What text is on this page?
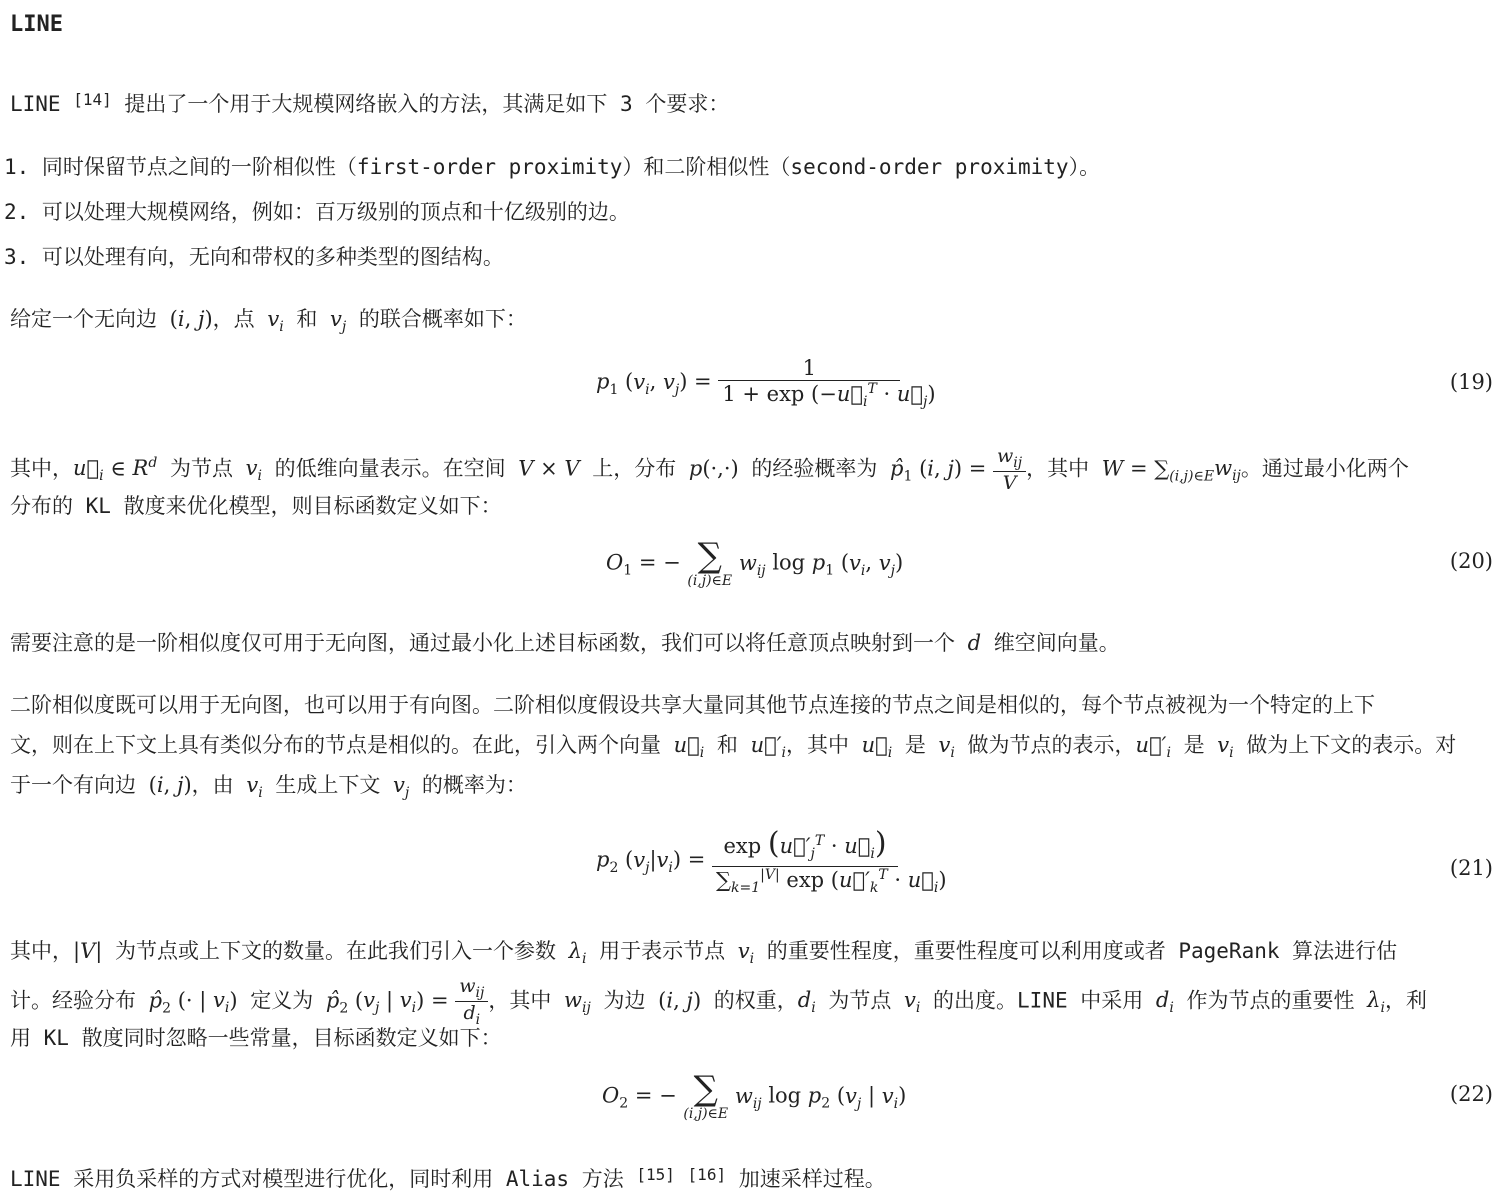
LINE
LINE [14] 提出了一个用于大规模网络嵌入的方法，其满足如下 3 个要求：
1. 同时保留节点之间的一阶相似性（first-order proximity）和二阶相似性（second-order proximity）。
2. 可以处理大规模网络，例如：百万级别的顶点和十亿级别的边。
3. 可以处理有向，无向和带权的多种类型的图结构。
给定一个无向边 (i, j)，点 $v_i$ 和 $v_j$ 的联合概率如下：
$p_1$ ($v_i$, $v_j) = \frac{1}{1 + \exp (-u⃗_i^T \cdot u⃗_j)}$	(19)
其中，$u⃗_i$ ∈ $R^d$ 为节点 $v_i$ 的低维向量表示。在空间 V × V 上，分布 p(·,·) 的经验概率为 $p̂_1$ (i, $j) = \frac{w_{ij}}{V}$ ，其中 $W = \sum_{(i,j)\in E}w_{ij}$。通过最小化两个
分布的 KL 散度来优化模型，则目标函数定义如下：
$O_1$ = − ∑
(i,j)∈E
$w_{ij}$ $\log p_1$ ($v_i$, $v_j$)	(20)
需要注意的是一阶相似度仅可用于无向图，通过最小化上述目标函数，我们可以将任意顶点映射到一个 d 维空间向量。
二阶相似度既可以用于无向图，也可以用于有向图。二阶相似度假设共享大量同其他节点连接的节点之间是相似的，每个节点被视为一个特定的上下
文，则在上下文上具有类似分布的节点是相似的。在此，引入两个向量 $u⃗_i$ 和 $u⃗'_i$，其中 $u⃗_i$ 是 $v_i$ 做为节点的表示，$u⃗'_i$ 是 $v_i$ 做为上下文的表示。对
于一个有向边 (i, j)，由 $v_i$ 生成上下文 $v_j$ 的概率为：
$p_2$ $(v_j|v_i) = \frac{\exp (u⃗'_j^T \cdot u⃗_i)}{\sum_{k=1}^{|V|} \exp (u⃗'_k^T \cdot u⃗_i)}$	(21)
其中，|V| 为节点或上下文的数量。在此我们引入一个参数 $\lambda_i$ 用于表示节点 $v_i$ 的重要性程度，重要性程度可以利用度或者 PageRank 算法进行估
计。经验分布 $p̂_2$ (· | $v_i$) 定义为 $p̂_2$ ($v_j$ | $v_i) = \frac{w_{ij}}{d_i}$ ，其中 $w_{ij}$ 为边 (i, j) 的权重，$d_i$ 为节点 $v_i$ 的出度。LINE 中采用 $d_i$ 作为节点的重要性 $\lambda_i$，利
用 KL 散度同时忽略一些常量，目标函数定义如下：
$O_2$ = − ∑
(i,j)∈E
$w_{ij}$ $\log p_2$ ($v_j$ | $v_i$)	(22)
LINE 采用负采样的方式对模型进行优化，同时利用 Alias 方法 [15] [16] 加速采样过程。
